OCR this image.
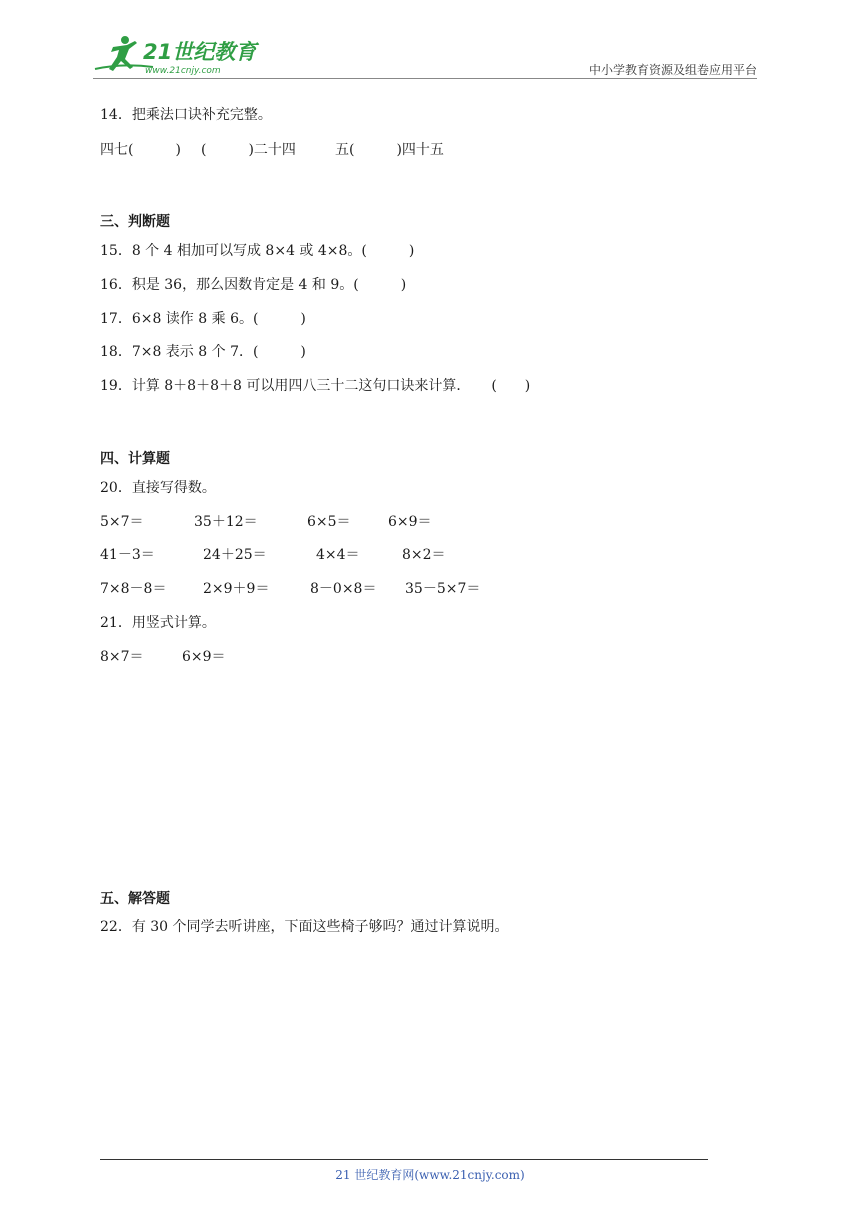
21世纪教育
www.21cnjy.com	中小学教育资源及组卷应用平台
14．把乘法口诀补充完整。
四七(　　　) (　　　)二十四	五(　　　)四十五
三、判断题
15．8 个 4 相加可以写成 8×4 或 4×8。(　　　)
16．积是 36，那么因数肯定是 4 和 9。(　　　)
17．6×8 读作 8 乘 6。(　　　)
18．7×8 表示 8 个 7．(　　　)
19．计算 8＋8＋8＋8 可以用四八三十二这句口诀来计算．　　(　　)
四、计算题
20．直接写得数。
5×7＝	35＋12＝	6×5＝	6×9＝
41－3＝	24＋25＝	4×4＝	8×2＝
7×8－8＝	2×9＋9＝	8－0×8＝ 35－5×7＝
21．用竖式计算。
8×7＝	6×9＝
五、解答题
22．有 30 个同学去听讲座，下面这些椅子够吗？通过计算说明。
21 世纪教育网(www.21cnjy.com)
